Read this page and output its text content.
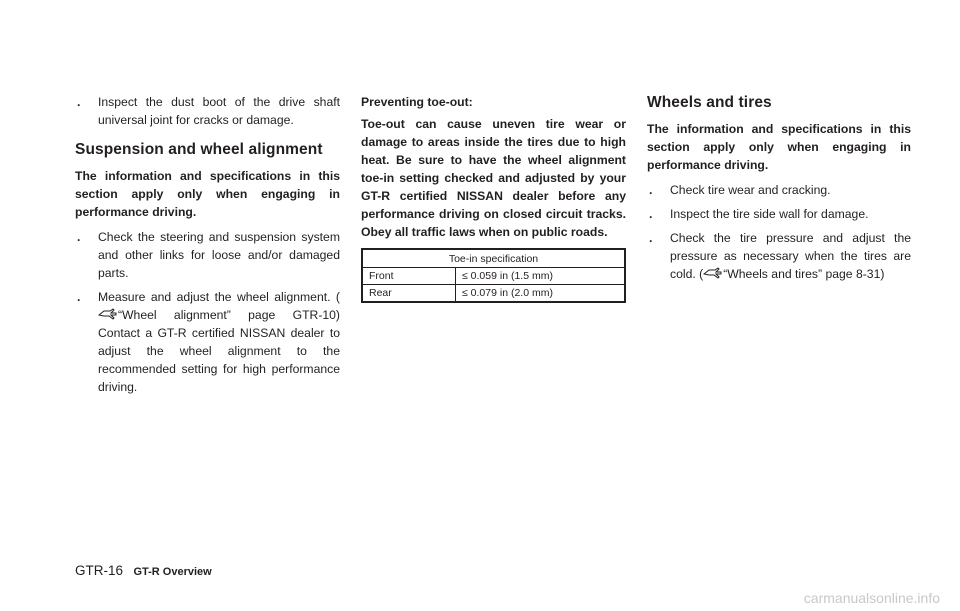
. Inspect the dust boot of the drive shaft universal joint for cracks or damage.
Suspension and wheel alignment
The information and specifications in this section apply only when engaging in performance driving.
. Check the steering and suspension system and other links for loose and/or damaged parts.
. Measure and adjust the wheel alignment. (“Wheel alignment” page GTR-10) Contact a GT-R certified NISSAN dealer to adjust the wheel alignment to the recommended setting for high performance driving.
Preventing toe-out:
Toe-out can cause uneven tire wear or damage to areas inside the tires due to high heat. Be sure to have the wheel alignment toe-in setting checked and adjusted by your GT-R certified NISSAN dealer before any performance driving on closed circuit tracks. Obey all traffic laws when on public roads.
Toe-in specification	
Front	≤ 0.059 in (1.5 mm)
Rear	≤ 0.079 in (2.0 mm)
Wheels and tires
The information and specifications in this section apply only when engaging in performance driving.
. Check tire wear and cracking.
. Inspect the tire side wall for damage.
. Check the tire pressure and adjust the pressure as necessary when the tires are cold. ( “Wheels and tires” page 8-31)
GTR-16 GT-R Overview
carmanualsonline.info
